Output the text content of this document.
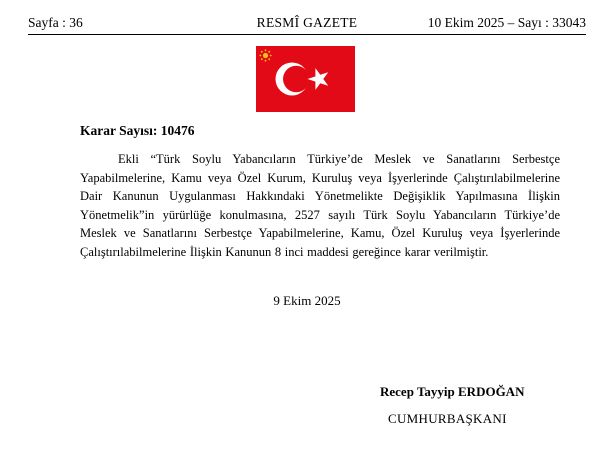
Sayfa : 36	RESMÎ GAZETE	10 Ekim 2025 – Sayı : 33043
Karar Sayısı: 10476
Ekli “Türk Soylu Yabancıların Türkiye’de Meslek ve Sanatlarını Serbestçe Yapabilmelerine, Kamu veya Özel Kurum, Kuruluş veya İşyerlerinde Çalıştırılabilmelerine Dair Kanunun Uygulanması Hakkındaki Yönetmelikte Değişiklik Yapılmasına İlişkin Yönetmelik”in yürürlüğe konulmasına, 2527 sayılı Türk Soylu Yabancıların Türkiye’de Meslek ve Sanatlarını Serbestçe Yapabilmelerine, Kamu, Özel Kuruluş veya İşyerlerinde Çalıştırılabilmelerine İlişkin Kanunun 8 inci maddesi gereğince karar verilmiştir.
9 Ekim 2025
Recep Tayyip ERDOĞAN
CUMHURBAŞKANI
